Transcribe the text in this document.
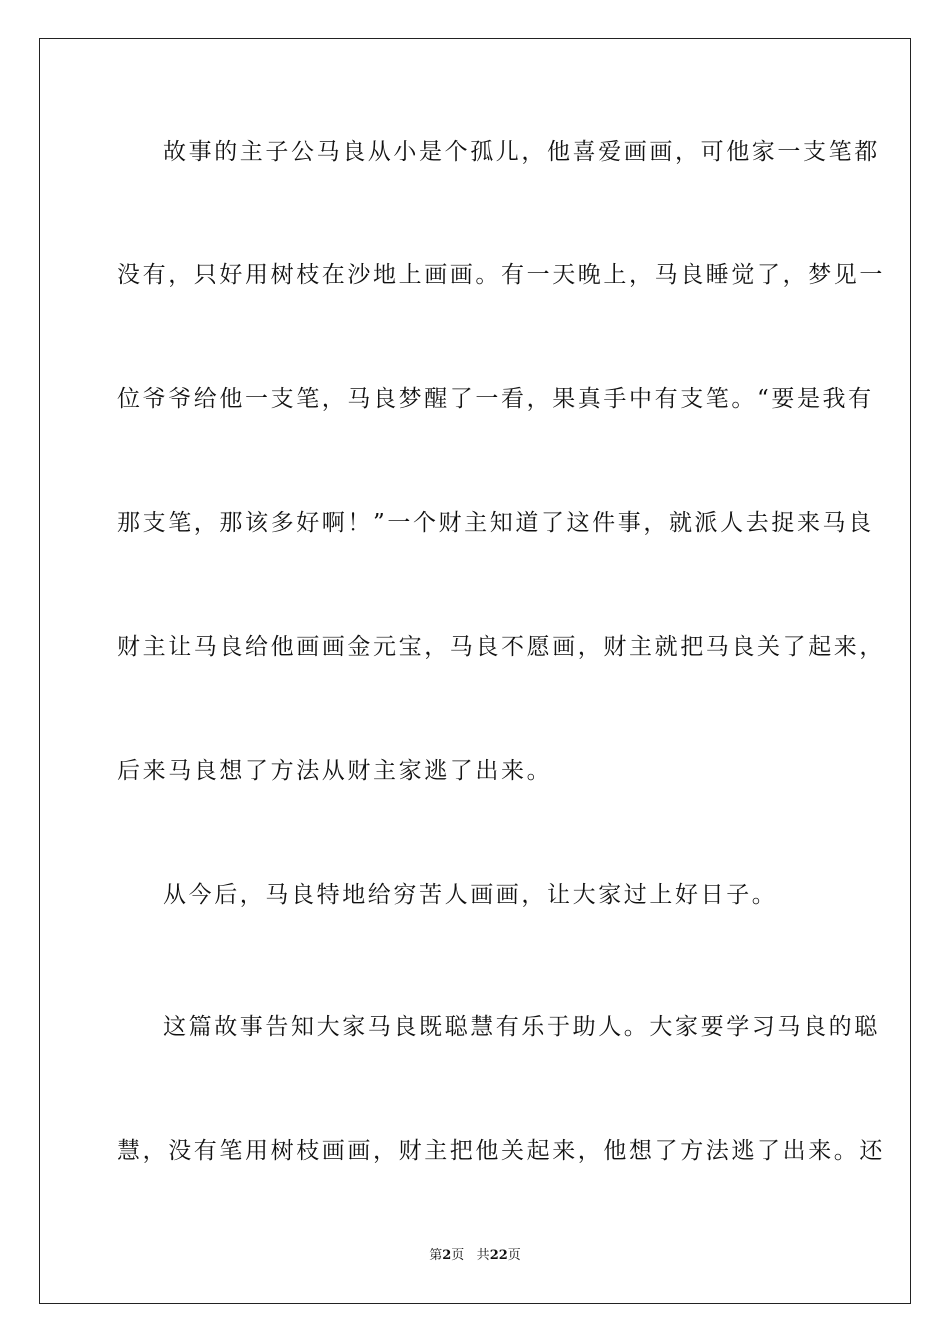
故事的主子公马良从小是个孤儿，他喜爱画画，可他家一支笔都

没有，只好用树枝在沙地上画画。有一天晚上，马良睡觉了，梦见一

位爷爷给他一支笔，马良梦醒了一看，果真手中有支笔。“要是我有

那支笔，那该多好啊！”一个财主知道了这件事，就派人去捉来马良

财主让马良给他画画金元宝，马良不愿画，财主就把马良关了起来，

后来马良想了方法从财主家逃了出来。

从今后，马良特地给穷苦人画画，让大家过上好日子。

这篇故事告知大家马良既聪慧有乐于助人。大家要学习马良的聪

慧，没有笔用树枝画画，财主把他关起来，他想了方法逃了出来。还

第2页 共22页
